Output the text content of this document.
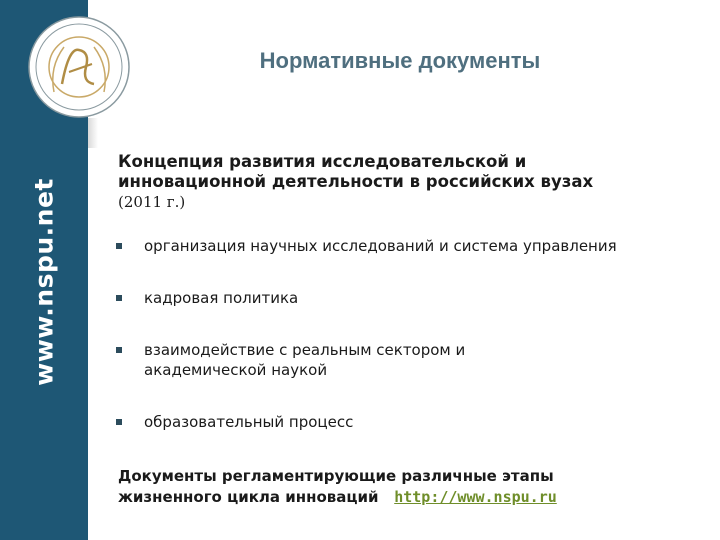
www.nspu.net
Нормативные документы
Концепция развития исследовательской и инновационной деятельности в российских вузах
(2011 г.)
организация научных исследований и система управления
кадровая политика
взаимодействие с реальным сектором и академической наукой
образовательный процесс
Документы регламентирующие различные этапы жизненного цикла инноваций http://www.nspu.ru
